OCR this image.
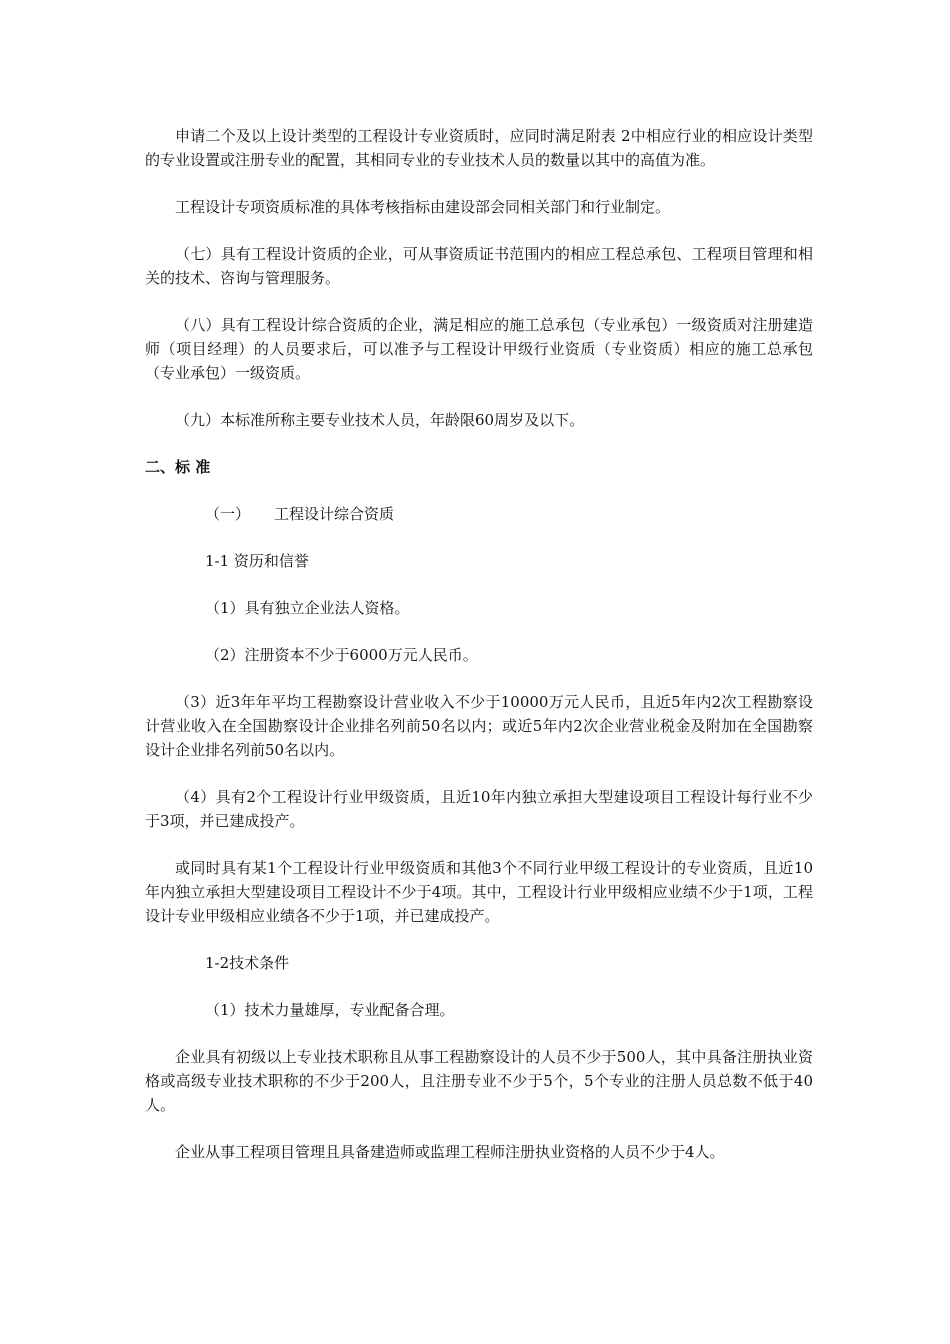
申请二个及以上设计类型的工程设计专业资质时，应同时满足附表 2中相应行业的相应设计类型的专业设置或注册专业的配置，其相同专业的专业技术人员的数量以其中的高值为准。

工程设计专项资质标准的具体考核指标由建设部会同相关部门和行业制定。

（七）具有工程设计资质的企业，可从事资质证书范围内的相应工程总承包、工程项目管理和相关的技术、咨询与管理服务。

（八）具有工程设计综合资质的企业，满足相应的施工总承包（专业承包）一级资质对注册建造师（项目经理）的人员要求后，可以准予与工程设计甲级行业资质（专业资质）相应的施工总承包（专业承包）一级资质。

（九）本标准所称主要专业技术人员，年龄限60周岁及以下。

二、标 准

（一） 工程设计综合资质

1-1 资历和信誉

（1）具有独立企业法人资格。

（2）注册资本不少于6000万元人民币。

（3）近3年年平均工程勘察设计营业收入不少于10000万元人民币，且近5年内2次工程勘察设计营业收入在全国勘察设计企业排名列前50名以内；或近5年内2次企业营业税金及附加在全国勘察设计企业排名列前50名以内。

（4）具有2个工程设计行业甲级资质，且近10年内独立承担大型建设项目工程设计每行业不少于3项，并已建成投产。

或同时具有某1个工程设计行业甲级资质和其他3个不同行业甲级工程设计的专业资质，且近10年内独立承担大型建设项目工程设计不少于4项。其中，工程设计行业甲级相应业绩不少于1项，工程设计专业甲级相应业绩各不少于1项，并已建成投产。

1-2技术条件

（1）技术力量雄厚，专业配备合理。

企业具有初级以上专业技术职称且从事工程勘察设计的人员不少于500人，其中具备注册执业资格或高级专业技术职称的不少于200人，且注册专业不少于5个，5个专业的注册人员总数不低于40人。

企业从事工程项目管理且具备建造师或监理工程师注册执业资格的人员不少于4人。
